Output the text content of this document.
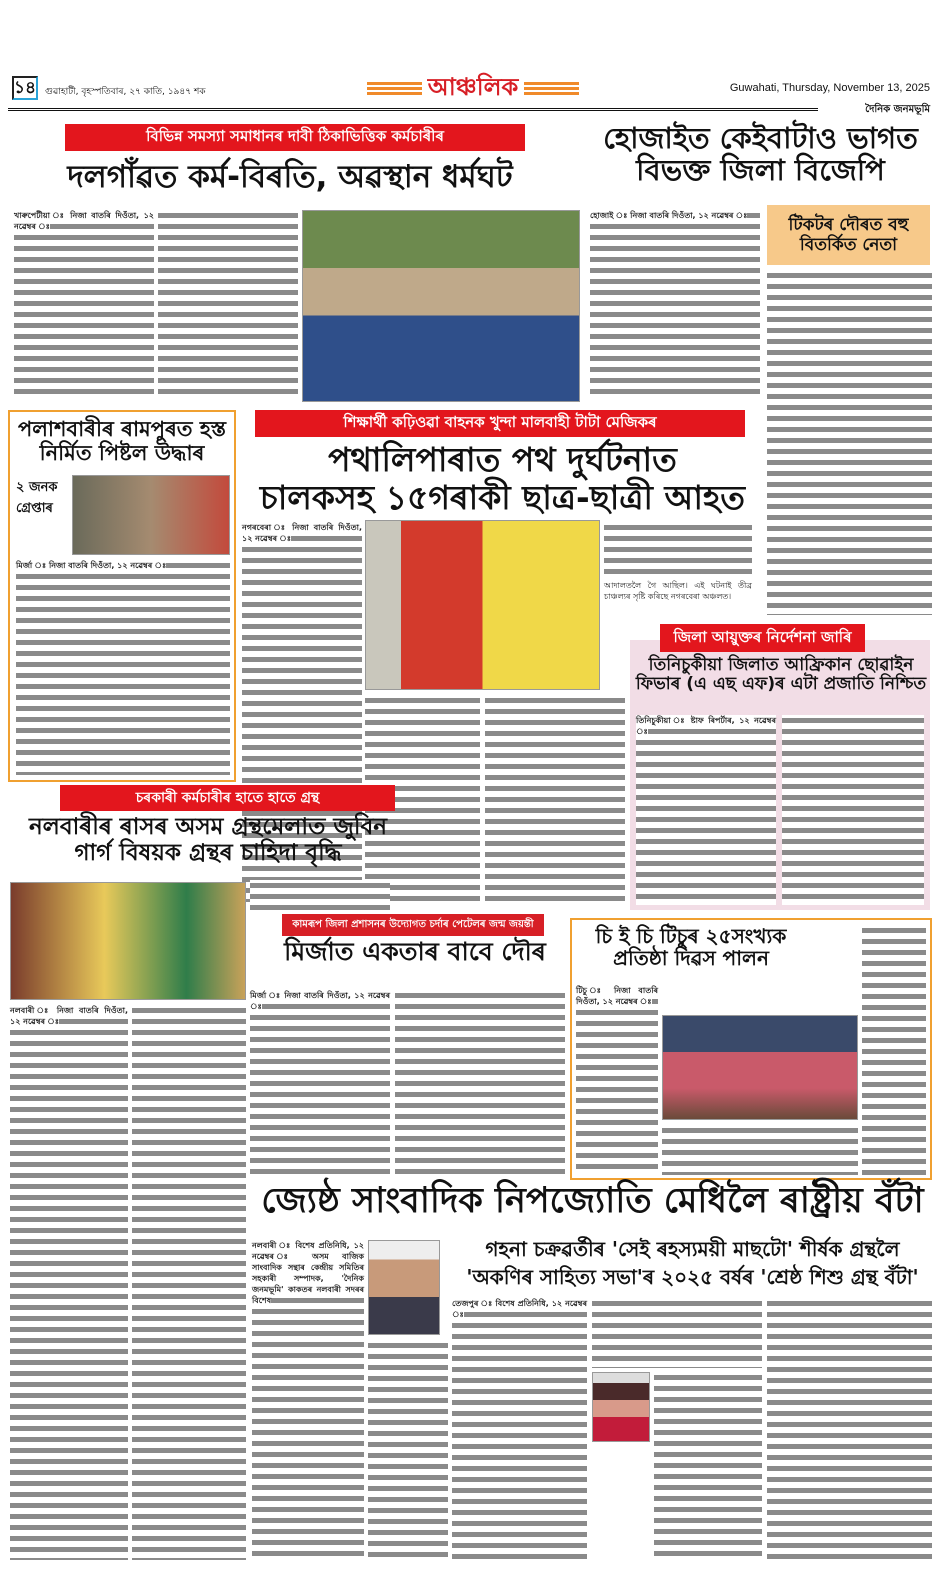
১৪ গুৱাহাটী, বৃহস্পতিবাৰ, ২৭ কাতি, ১৯৪৭ শক	আঞ্চলিক	Guwahati, Thursday, November 13, 2025
দৈনিক জনমভূমি
বিভিন্ন সমস্যা সমাধানৰ দাবী ঠিকাভিত্তিক কৰ্মচাৰীৰ
দলগাঁৱত কৰ্ম-বিৰতি, অৱস্থান ধৰ্মঘট
খাৰুপেটীয়া ঃ নিজা বাতৰি দিওঁতা, ১২ নৱেম্বৰ ঃ
হোজাইত কেইবাটাও ভাগত বিভক্ত জিলা বিজেপি
হোজাই ঃ নিজা বাতৰি দিওঁতা, ১২ নৱেম্বৰ ঃ	টিকটৰ দৌৰত বহু বিতৰ্কিত নেতা
পলাশবাৰীৰ ৰামপুৰত হস্ত নিৰ্মিত পিষ্টল উদ্ধাৰ
২ জনক গ্ৰেপ্তাৰ
মিৰ্জা ঃ নিজা বাতৰি দিওঁতা, ১২ নৱেম্বৰ ঃ
শিক্ষাৰ্থী কঢ়িওৱা বাহনক খুন্দা মালবাহী টাটা মেজিকৰ
পথালিপাৰাত পথ দুৰ্ঘটনাত
চালকসহ ১৫গৰাকী ছাত্ৰ-ছাত্ৰী আহত
নগৰবেৰা ঃ নিজা বাতৰি দিওঁতা, ১২ নৱেম্বৰ ঃ
আদালতলৈ গৈ আছিল। এই ঘটনাই তীব্ৰ চাঞ্চল্যৰ সৃষ্টি কৰিছে নগৰবেৰা অঞ্চলত।
জিলা আয়ুক্তৰ নিৰ্দেশনা জাৰি
তিনিচুকীয়া জিলাত আফ্ৰিকান ছোৱাইন ফিভাৰ (এ এছ এফ)ৰ এটা প্ৰজাতি নিশ্চিত
তিনিচুকীয়া ঃ ষ্টাফ ৰিপৰ্টাৰ, ১২ নৱেম্বৰ ঃ
চৰকাৰী কৰ্মচাৰীৰ হাতে হাতে গ্ৰন্থ
নলবাৰীৰ ৰাসৰ অসম গ্ৰন্থমেলাত জুবিন গাৰ্গ বিষয়ক গ্ৰন্থৰ চাহিদা বৃদ্ধি
নলবাৰী ঃ নিজা বাতৰি দিওঁতা, ১২ নৱেম্বৰ ঃ
কামৰূপ জিলা প্ৰশাসনৰ উদ্যোগত চৰ্দাৰ পেটেলৰ জন্ম জয়ন্তী
মিৰ্জাত একতাৰ বাবে দৌৰ
মিৰ্জা ঃ নিজা বাতৰি দিওঁতা, ১২ নৱেম্বৰ ঃ
চি ই চি টিচুৰ ২৫সংখ্যক প্ৰতিষ্ঠা দিৱস পালন
টিচু ঃ নিজা বাতৰি দিওঁতা, ১২ নৱেম্বৰ ঃ
জ্যেষ্ঠ সাংবাদিক নিপজ্যোতি মেধিলৈ ৰাষ্ট্ৰীয় বঁটা
নলবাৰী ঃ বিশেষ প্ৰতিনিধি, ১২ নৱেম্বৰ ঃ অসম বাজিক সাংবাদিক সন্থাৰ কেন্দ্ৰীয় সমিতিৰ সহকাৰী সম্পাদক, 'দৈনিক জনমভূমি' কাকতৰ নলবাৰী সদৰৰ বিশেষ
গহনা চক্ৰৱৰ্তীৰ 'সেই ৰহস্যময়ী মাছটো' শীৰ্ষক গ্ৰন্থলৈ
'অকণিৰ সাহিত্য সভা'ৰ ২০২৫ বৰ্ষৰ 'শ্ৰেষ্ঠ শিশু গ্ৰন্থ বঁটা'
তেজপুৰ ঃ বিশেষ প্ৰতিনিধি, ১২ নৱেম্বৰ ঃ
